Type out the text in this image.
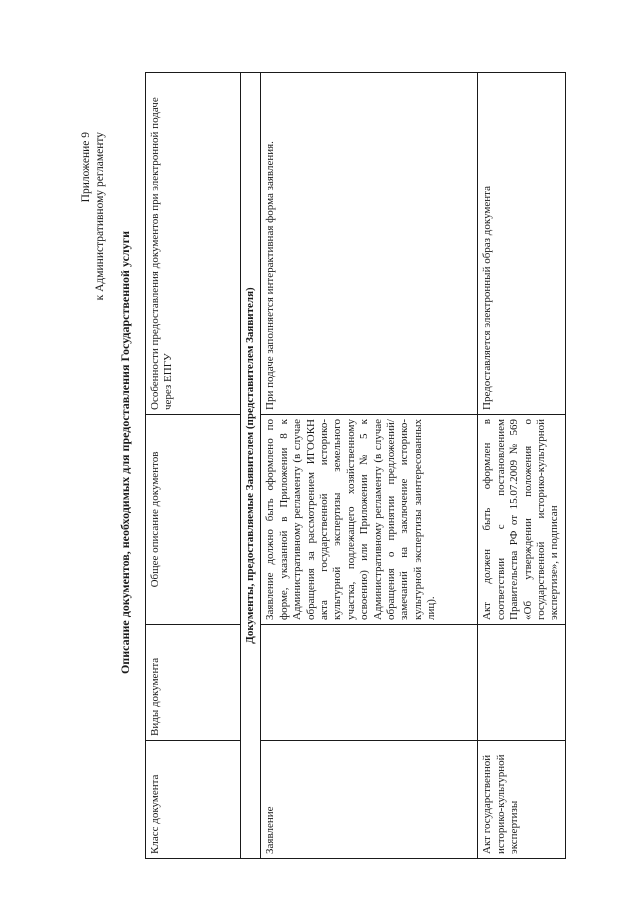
Приложение 9 к Административному регламенту
Описание документов, необходимых для предоставления Государственной услуги
Класс документа	Виды документа	Общее описание документов	Особенности предоставления документов при электронной подаче через ЕПГУ
Документы, предоставляемые Заявителем (представителем Заявителя)			
Заявление		Заявление должно быть оформлено по форме, указанной в Приложении 8 к Административному регламенту (в случае обращения за рассмотрением ИГООКН акта государственной историко-культурной экспертизы земельного участка, подлежащего хозяйственному освоению) или Приложении № 5 к Административному регламенту (в случае обращения о принятии предложений/замечаний на заключение историко-культурной экспертизы заинтересованных лиц).	При подаче заполняется интерактивная форма заявления.
Акт государственной историко-культурной экспертизы		Акт должен быть оформлен в соответствии с постановлением Правительства РФ от 15.07.2009 № 569 «Об утверждении положения о государственной историко-культурной экспертизе», и подписан	Предоставляется электронный образ документа
